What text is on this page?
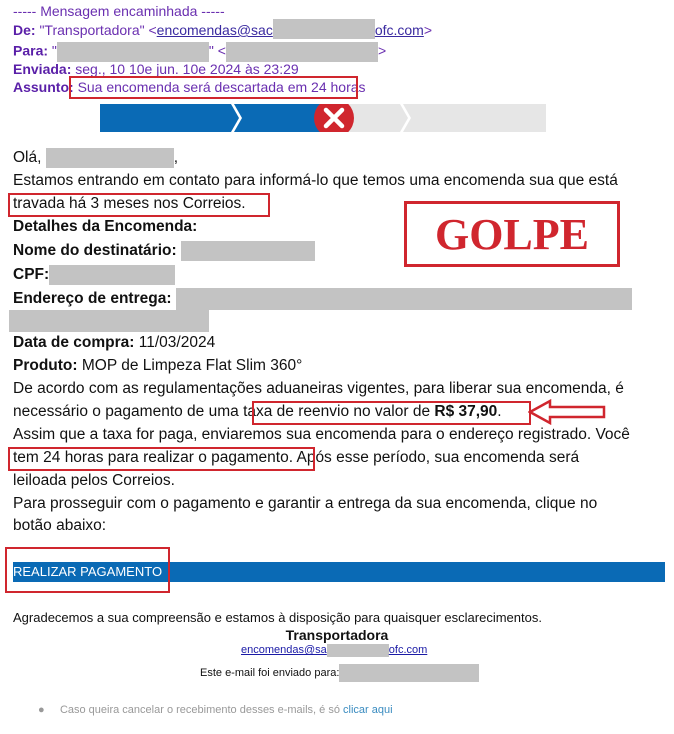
----- Mensagem encaminhada -----
De: "Transportadora" <encomendas@sac	ofc.com>
Para: "	" <	>
Enviada: seg., 10 10e jun. 10e 2024 às 23:29
Assunto: Sua encomenda será descartada em 24 horas
Olá,	,
Estamos entrando em contato para informá-lo que temos uma encomenda sua que está
travada há 3 meses nos Correios.
Detalhes da Encomenda:
Nome do destinatário:
CPF:
Endereço de entrega:
Data de compra: 11/03/2024
Produto: MOP de Limpeza Flat Slim 360°
De acordo com as regulamentações aduaneiras vigentes, para liberar sua encomenda, é
necessário o pagamento de uma taxa de reenvio no valor de R$ 37,90.
Assim que a taxa for paga, enviaremos sua encomenda para o endereço registrado. Você
tem 24 horas para realizar o pagamento. Após esse período, sua encomenda será
leiloada pelos Correios.
Para prosseguir com o pagamento e garantir a entrega da sua encomenda, clique no
botão abaixo:
GOLPE
REALIZAR PAGAMENTO
Agradecemos a sua compreensão e estamos à disposição para quaisquer esclarecimentos.
Transportadora
encomendas@sa	ofc.com
Este e-mail foi enviado para:
●     Caso queira cancelar o recebimento desses e-mails, é só clicar aqui
